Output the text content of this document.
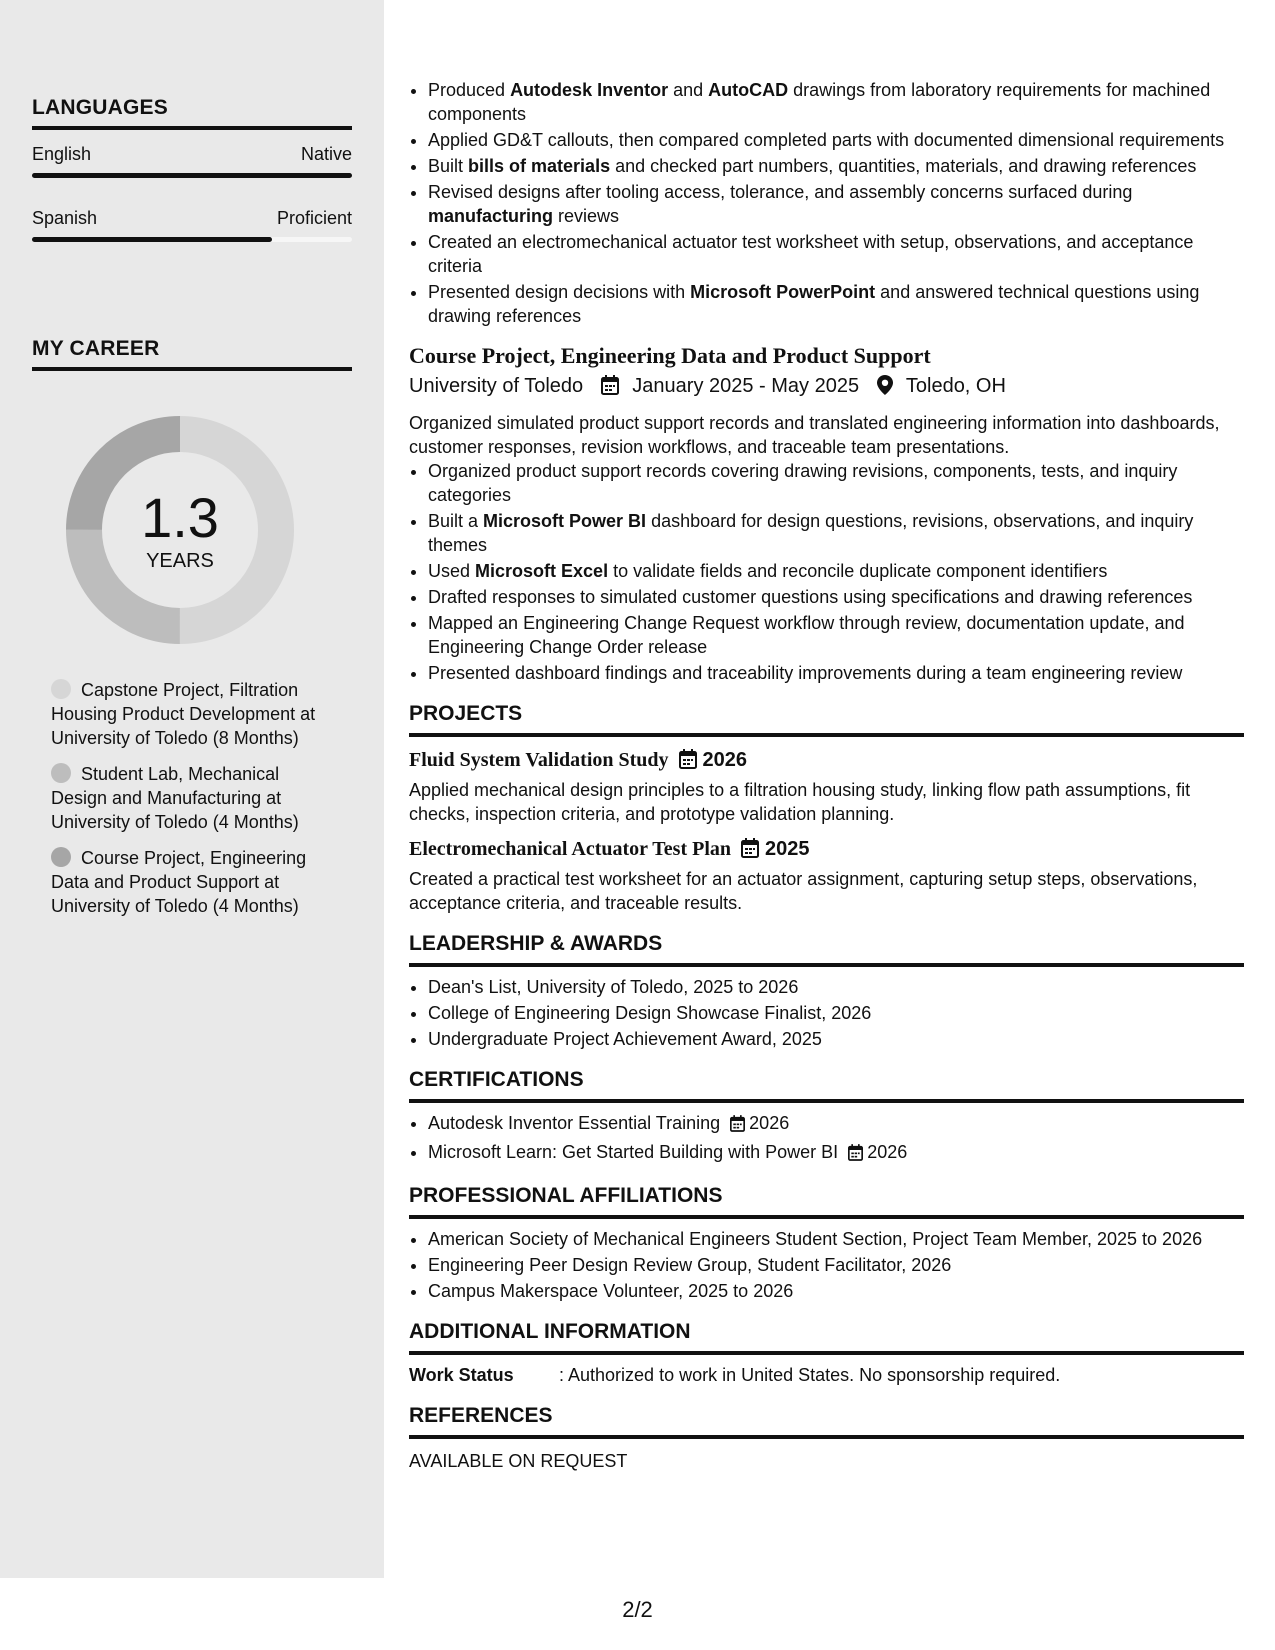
LANGUAGES
English	Native
Spanish	Proficient
MY CAREER
1.3
YEARS
Capstone Project, Filtration Housing Product Development at University of Toledo (8 Months)
Student Lab, Mechanical Design and Manufacturing at University of Toledo (4 Months)
Course Project, Engineering Data and Product Support at University of Toledo (4 Months)
• Produced Autodesk Inventor and AutoCAD drawings from laboratory requirements for machined components
• Applied GD&T callouts, then compared completed parts with documented dimensional requirements
• Built bills of materials and checked part numbers, quantities, materials, and drawing references
• Revised designs after tooling access, tolerance, and assembly concerns surfaced during manufacturing reviews
• Created an electromechanical actuator test worksheet with setup, observations, and acceptance criteria
• Presented design decisions with Microsoft PowerPoint and answered technical questions using drawing references
Course Project, Engineering Data and Product Support
University of Toledo January 2025 - May 2025 Toledo, OH
Organized simulated product support records and translated engineering information into dashboards, customer responses, revision workflows, and traceable team presentations.
• Organized product support records covering drawing revisions, components, tests, and inquiry categories
• Built a Microsoft Power BI dashboard for design questions, revisions, observations, and inquiry themes
• Used Microsoft Excel to validate fields and reconcile duplicate component identifiers
• Drafted responses to simulated customer questions using specifications and drawing references
• Mapped an Engineering Change Request workflow through review, documentation update, and Engineering Change Order release
• Presented dashboard findings and traceability improvements during a team engineering review
PROJECTS
Fluid System Validation Study 2026
Applied mechanical design principles to a filtration housing study, linking flow path assumptions, fit checks, inspection criteria, and prototype validation planning.
Electromechanical Actuator Test Plan 2025
Created a practical test worksheet for an actuator assignment, capturing setup steps, observations, acceptance criteria, and traceable results.
LEADERSHIP & AWARDS
• Dean's List, University of Toledo, 2025 to 2026
• College of Engineering Design Showcase Finalist, 2026
• Undergraduate Project Achievement Award, 2025
CERTIFICATIONS
• Autodesk Inventor Essential Training 2026
• Microsoft Learn: Get Started Building with Power BI 2026
PROFESSIONAL AFFILIATIONS
• American Society of Mechanical Engineers Student Section, Project Team Member, 2025 to 2026
• Engineering Peer Design Review Group, Student Facilitator, 2026
• Campus Makerspace Volunteer, 2025 to 2026
ADDITIONAL INFORMATION
Work Status	: Authorized to work in United States. No sponsorship required.
REFERENCES
AVAILABLE ON REQUEST
2/2
